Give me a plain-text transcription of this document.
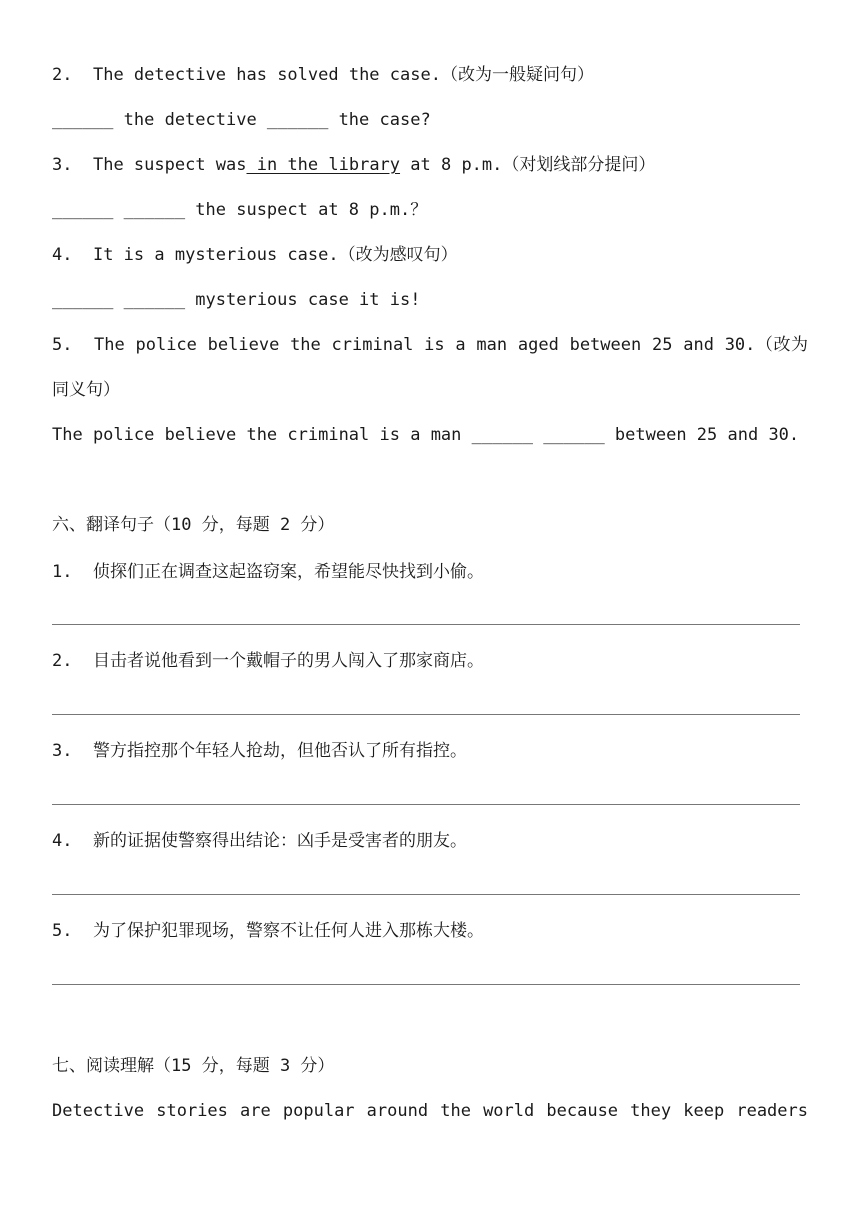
2. The detective has solved the case.（改为一般疑问句）
______ the detective ______ the case?
3. The suspect was in the library at 8 p.m.（对划线部分提问）
______ ______ the suspect at 8 p.m.？
4. It is a mysterious case.（改为感叹句）
______ ______ mysterious case it is!
5. The police believe the criminal is a man aged between 25 and 30.（改为
同义句）
The police believe the criminal is a man ______ ______ between 25 and 30.
六、翻译句子（10 分，每题 2 分）
1. 侦探们正在调查这起盗窃案，希望能尽快找到小偷。
2. 目击者说他看到一个戴帽子的男人闯入了那家商店。
3. 警方指控那个年轻人抢劫，但他否认了所有指控。
4. 新的证据使警察得出结论：凶手是受害者的朋友。
5. 为了保护犯罪现场，警察不让任何人进入那栋大楼。
七、阅读理解（15 分，每题 3 分）
Detective stories are popular around the world because they keep readers
